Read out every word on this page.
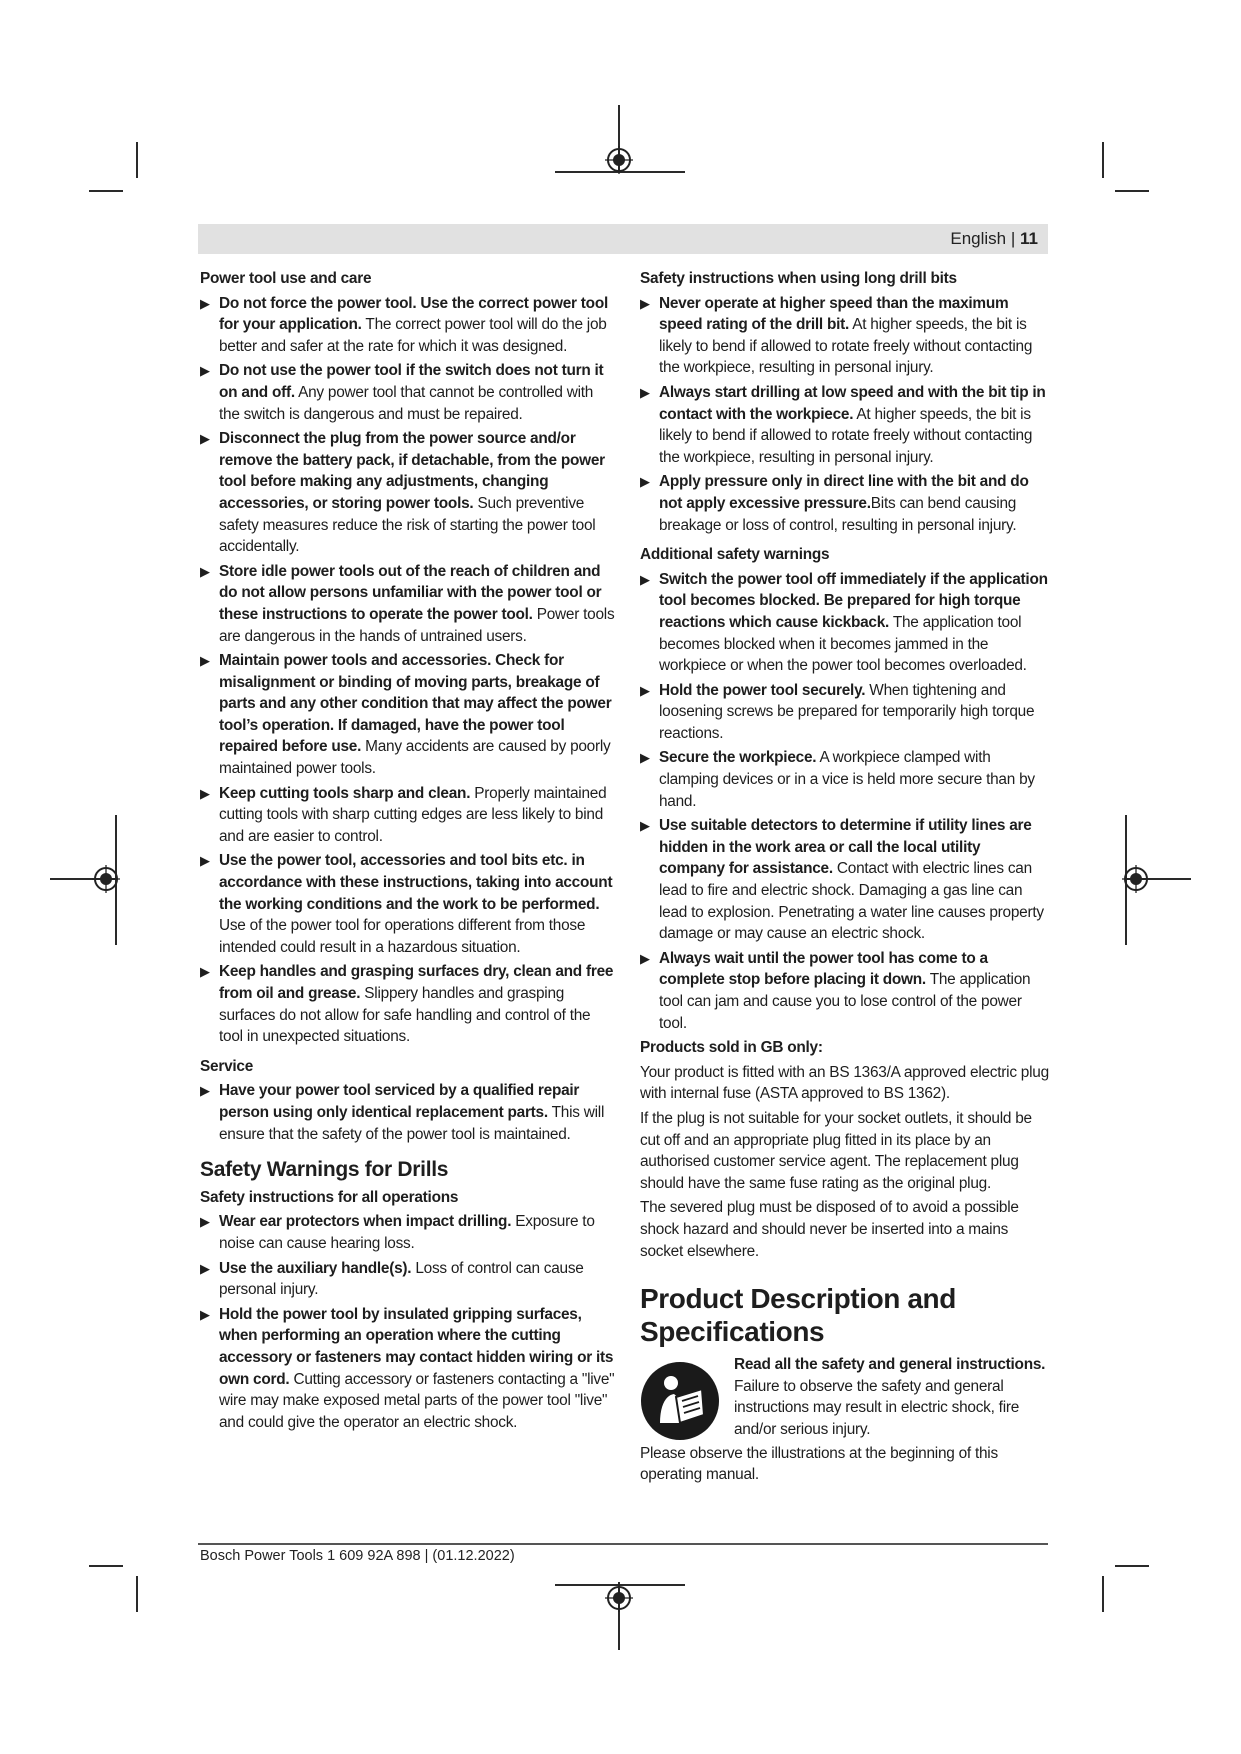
English | 11
Power tool use and care
▶ Do not force the power tool. Use the correct power tool for your application. The correct power tool will do the job better and safer at the rate for which it was designed.
▶ Do not use the power tool if the switch does not turn it on and off. Any power tool that cannot be controlled with the switch is dangerous and must be repaired.
▶ Disconnect the plug from the power source and/or remove the battery pack, if detachable, from the power tool before making any adjustments, changing accessories, or storing power tools. Such preventive safety measures reduce the risk of starting the power tool accidentally.
▶ Store idle power tools out of the reach of children and do not allow persons unfamiliar with the power tool or these instructions to operate the power tool. Power tools are dangerous in the hands of untrained users.
▶ Maintain power tools and accessories. Check for misalignment or binding of moving parts, breakage of parts and any other condition that may affect the power tool’s operation. If damaged, have the power tool repaired before use. Many accidents are caused by poorly maintained power tools.
▶ Keep cutting tools sharp and clean. Properly maintained cutting tools with sharp cutting edges are less likely to bind and are easier to control.
▶ Use the power tool, accessories and tool bits etc. in accordance with these instructions, taking into account the working conditions and the work to be performed. Use of the power tool for operations different from those intended could result in a hazardous situation.
▶ Keep handles and grasping surfaces dry, clean and free from oil and grease. Slippery handles and grasping surfaces do not allow for safe handling and control of the tool in unexpected situations.
Service
▶ Have your power tool serviced by a qualified repair person using only identical replacement parts. This will ensure that the safety of the power tool is maintained.
Safety Warnings for Drills
Safety instructions for all operations
▶ Wear ear protectors when impact drilling. Exposure to noise can cause hearing loss.
▶ Use the auxiliary handle(s). Loss of control can cause personal injury.
▶ Hold the power tool by insulated gripping surfaces, when performing an operation where the cutting accessory or fasteners may contact hidden wiring or its own cord. Cutting accessory or fasteners contacting a "live" wire may make exposed metal parts of the power tool "live" and could give the operator an electric shock.
Safety instructions when using long drill bits
▶ Never operate at higher speed than the maximum speed rating of the drill bit. At higher speeds, the bit is likely to bend if allowed to rotate freely without contacting the workpiece, resulting in personal injury.
▶ Always start drilling at low speed and with the bit tip in contact with the workpiece. At higher speeds, the bit is likely to bend if allowed to rotate freely without contacting the workpiece, resulting in personal injury.
▶ Apply pressure only in direct line with the bit and do not apply excessive pressure.Bits can bend causing breakage or loss of control, resulting in personal injury.
Additional safety warnings
▶ Switch the power tool off immediately if the application tool becomes blocked. Be prepared for high torque reactions which cause kickback. The application tool becomes blocked when it becomes jammed in the workpiece or when the power tool becomes overloaded.
▶ Hold the power tool securely. When tightening and loosening screws be prepared for temporarily high torque reactions.
▶ Secure the workpiece. A workpiece clamped with clamping devices or in a vice is held more secure than by hand.
▶ Use suitable detectors to determine if utility lines are hidden in the work area or call the local utility company for assistance. Contact with electric lines can lead to fire and electric shock. Damaging a gas line can lead to explosion. Penetrating a water line causes property damage or may cause an electric shock.
▶ Always wait until the power tool has come to a complete stop before placing it down. The application tool can jam and cause you to lose control of the power tool.
Products sold in GB only:

Your product is fitted with an BS 1363/A approved electric plug with internal fuse (ASTA approved to BS 1362).

If the plug is not suitable for your socket outlets, it should be cut off and an appropriate plug fitted in its place by an authorised customer service agent. The replacement plug should have the same fuse rating as the original plug.

The severed plug must be disposed of to avoid a possible shock hazard and should never be inserted into a mains socket elsewhere.

Product Description and Specifications
Read all the safety and general instructions.
Failure to observe the safety and general instructions may result in electric shock, fire and/or serious injury.

Please observe the illustrations at the beginning of this operating manual.

Bosch Power Tools 1 609 92A 898 | (01.12.2022)
